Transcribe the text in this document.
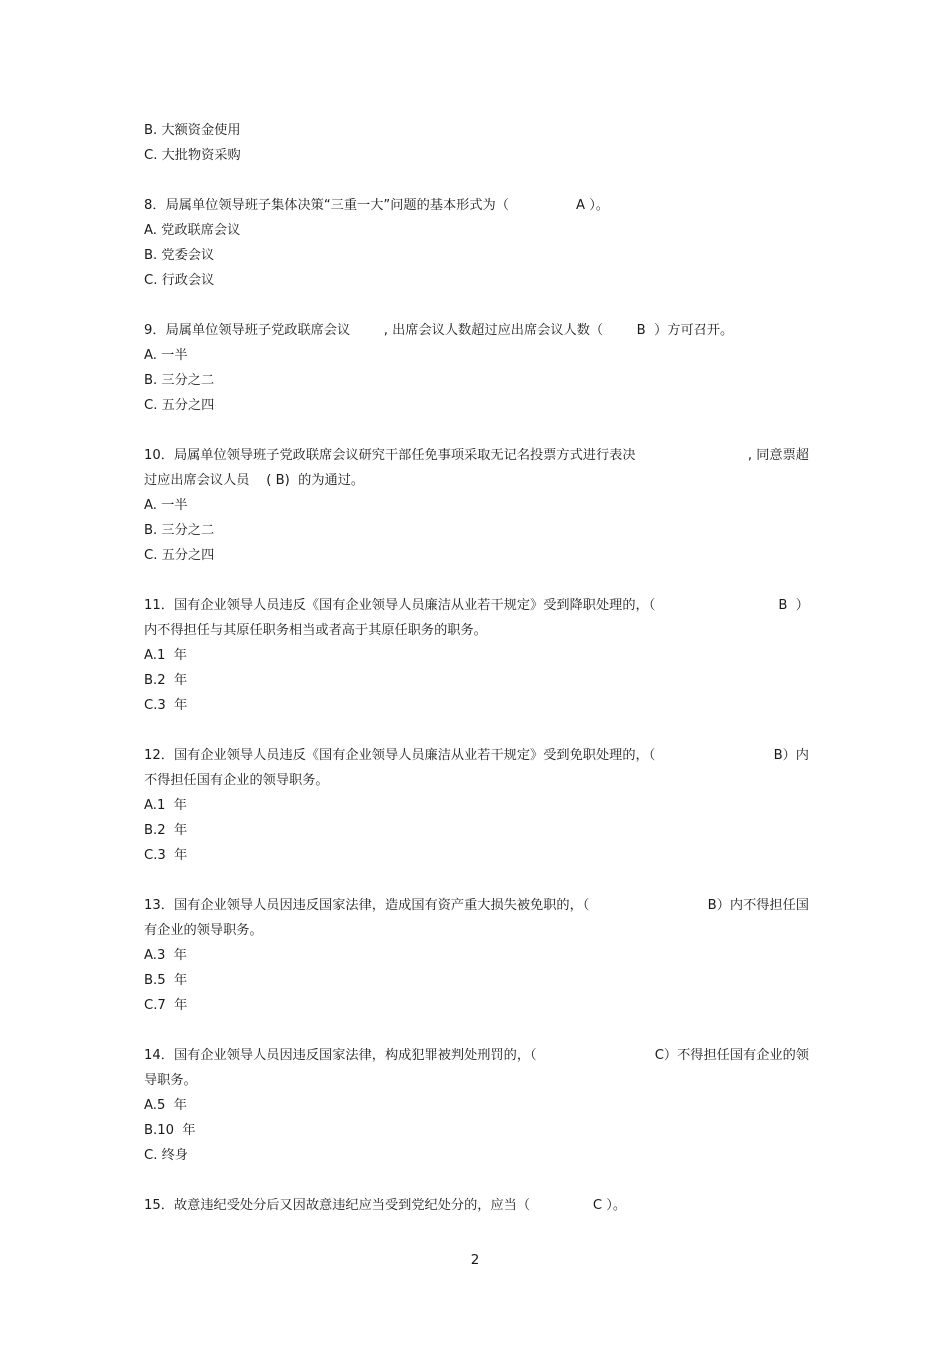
B. 大额资金使用
C. 大批物资采购
8．局属单位领导班子集体决策“三重一大”问题的基本形式为（                A ）。
A. 党政联席会议
B. 党委会议
C. 行政会议
9．局属单位领导班子党政联席会议        , 出席会议人数超过应出席会议人数（        B  ）方可召开。
A. 一半
B. 三分之二
C. 五分之四
10．局属单位领导班子党政联席会议研究干部任免事项采取无记名投票方式进行表决	, 同意票超
过应出席会议人员    ( B)  的为通过。
A. 一半
B. 三分之二
C. 五分之四
11．国有企业领导人员违反《国有企业领导人员廉洁从业若干规定》受到降职处理的，（	B  ）
内不得担任与其原任职务相当或者高于其原任职务的职务。
A.1  年
B.2  年
C.3  年
12．国有企业领导人员违反《国有企业领导人员廉洁从业若干规定》受到免职处理的，（	B）内
不得担任国有企业的领导职务。
A.1  年
B.2  年
C.3  年
13．国有企业领导人员因违反国家法律，造成国有资产重大损失被免职的，（	B）内不得担任国
有企业的领导职务。
A.3  年
B.5  年
C.7  年
14．国有企业领导人员因违反国家法律，构成犯罪被判处刑罚的，（	C）不得担任国有企业的领
导职务。
A.5  年
B.10  年
C. 终身
15．故意违纪受处分后又因故意违纪应当受到党纪处分的，应当（               C ）。
2
